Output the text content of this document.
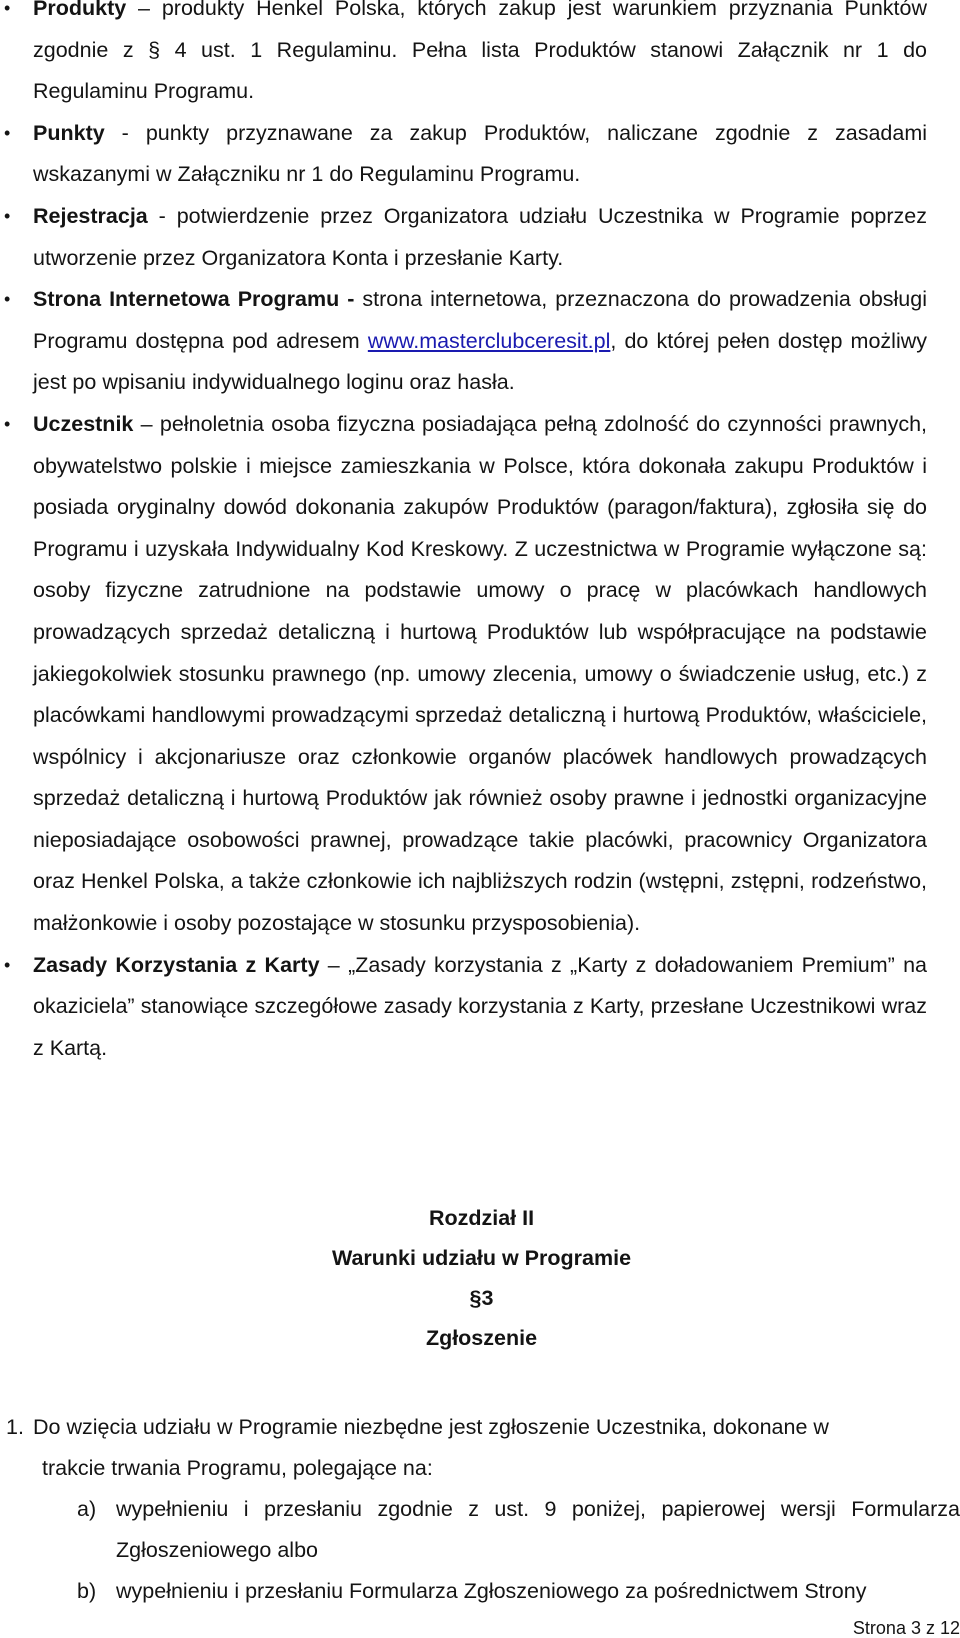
• Produkty – produkty Henkel Polska, których zakup jest warunkiem przyznania Punktów zgodnie z § 4 ust. 1 Regulaminu. Pełna lista Produktów stanowi Załącznik nr 1 do Regulaminu Programu.
• Punkty - punkty przyznawane za zakup Produktów, naliczane zgodnie z zasadami wskazanymi w Załączniku nr 1 do Regulaminu Programu.
• Rejestracja - potwierdzenie przez Organizatora udziału Uczestnika w Programie poprzez utworzenie przez Organizatora Konta i przesłanie Karty.
• Strona Internetowa Programu - strona internetowa, przeznaczona do prowadzenia obsługi Programu dostępna pod adresem www.masterclubceresit.pl, do której pełen dostęp możliwy jest po wpisaniu indywidualnego loginu oraz hasła.
• Uczestnik – pełnoletnia osoba fizyczna posiadająca pełną zdolność do czynności prawnych, obywatelstwo polskie i miejsce zamieszkania w Polsce, która dokonała zakupu Produktów i posiada oryginalny dowód dokonania zakupów Produktów (paragon/faktura), zgłosiła się do Programu i uzyskała Indywidualny Kod Kreskowy. Z uczestnictwa w Programie wyłączone są: osoby fizyczne zatrudnione na podstawie umowy o pracę w placówkach handlowych prowadzących sprzedaż detaliczną i hurtową Produktów lub współpracujące na podstawie jakiegokolwiek stosunku prawnego (np. umowy zlecenia, umowy o świadczenie usług, etc.) z placówkami handlowymi prowadzącymi sprzedaż detaliczną i hurtową Produktów, właściciele, wspólnicy i akcjonariusze oraz członkowie organów placówek handlowych prowadzących sprzedaż detaliczną i hurtową Produktów jak również osoby prawne i jednostki organizacyjne nieposiadające osobowości prawnej, prowadzące takie placówki, pracownicy Organizatora oraz Henkel Polska, a także członkowie ich najbliższych rodzin (wstępni, zstępni, rodzeństwo, małżonkowie i osoby pozostające w stosunku przysposobienia).
• Zasady Korzystania z Karty – „Zasady korzystania z „Karty z doładowaniem Premium” na okaziciela” stanowiące szczegółowe zasady korzystania z Karty, przesłane Uczestnikowi wraz z Kartą.
Rozdział II
Warunki udziału w Programie
§3
Zgłoszenie
1. Do wzięcia udziału w Programie niezbędne jest zgłoszenie Uczestnika, dokonane w
trakcie trwania Programu, polegające na:
a) wypełnieniu i przesłaniu zgodnie z ust. 9 poniżej, papierowej wersji Formularza Zgłoszeniowego albo
b) wypełnieniu i przesłaniu Formularza Zgłoszeniowego za pośrednictwem Strony
Strona 3 z 12
